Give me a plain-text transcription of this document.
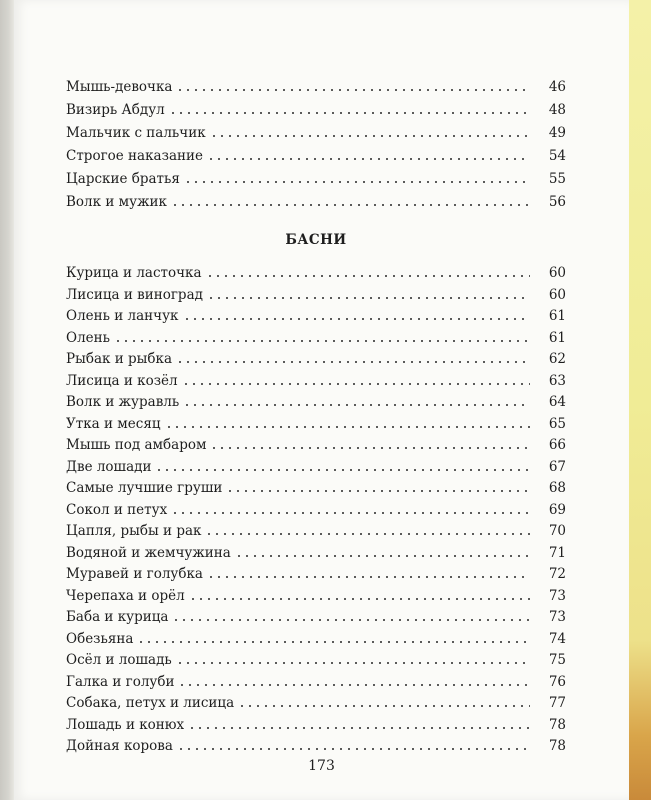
Мышь-девочка	46
Визирь Абдул	48
Мальчик с пальчик	49
Строгое наказание	54
Царские братья	55
Волк и мужик	56
БАСНИ
Курица и ласточка	60
Лисица и виноград	60
Олень и ланчук	61
Олень	61
Рыбак и рыбка	62
Лисица и козёл	63
Волк и журавль	64
Утка и месяц	65
Мышь под амбаром	66
Две лошади	67
Самые лучшие груши	68
Сокол и петух	69
Цапля, рыбы и рак	70
Водяной и жемчужина	71
Муравей и голубка	72
Черепаха и орёл	73
Баба и курица	73
Обезьяна	74
Осёл и лошадь	75
Галка и голуби	76
Собака, петух и лисица	77
Лошадь и конюх	78
Дойная корова	78
173
